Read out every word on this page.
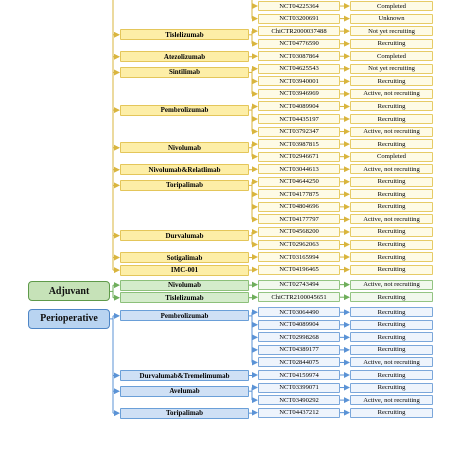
NCT04225364	Completed
NCT03200691	Unknown
Tislelizumab	ChiCTR2000037488	Not yet recruiting
NCT04776590	Recruiting
Atezolizumab	NCT03087864	Completed
Sintilimab	NCT04625543	Not yet recruiting
NCT03940001	Recruiting
NCT03946969	Active, not recruiting
Pembrolizumab	NCT04089904	Recruiting
NCT04435197	Recruiting
NCT03792347	Active, not recruiting
Nivolumab	NCT03987815	Recruiting
NCT02946671	Completed
Nivolumab&Relatlimab	NCT03044613	Active, not recruiting
Toripalimab	NCT04644250	Recruiting
NCT04177875	Recruiting
NCT04804696	Recruiting
NCT04177797	Active, not recruiting
Durvalumab	NCT04568200	Recruiting
NCT02962063	Recruiting
Sotigalimab	NCT03165994	Recruiting
IMC-001	NCT04196465	Recruiting
Nivolumab	NCT02743494	Active, not recruiting
Tislelizumab	ChiCTR2100045651	Recruiting
Adjuvant
Pembrolizumab	NCT03064490	Recruiting
NCT04089904	Recruiting
NCT02998268	Recruiting
NCT04389177	Recruiting
NCT02844075	Active, not recruiting
Durvalumab&Tremelimumab	NCT04159974	Recruiting
Avelumab	NCT03399071	Recruiting
NCT03490292	Active, not recruiting
Toripalimab	NCT04437212	Recruiting
Perioperative
